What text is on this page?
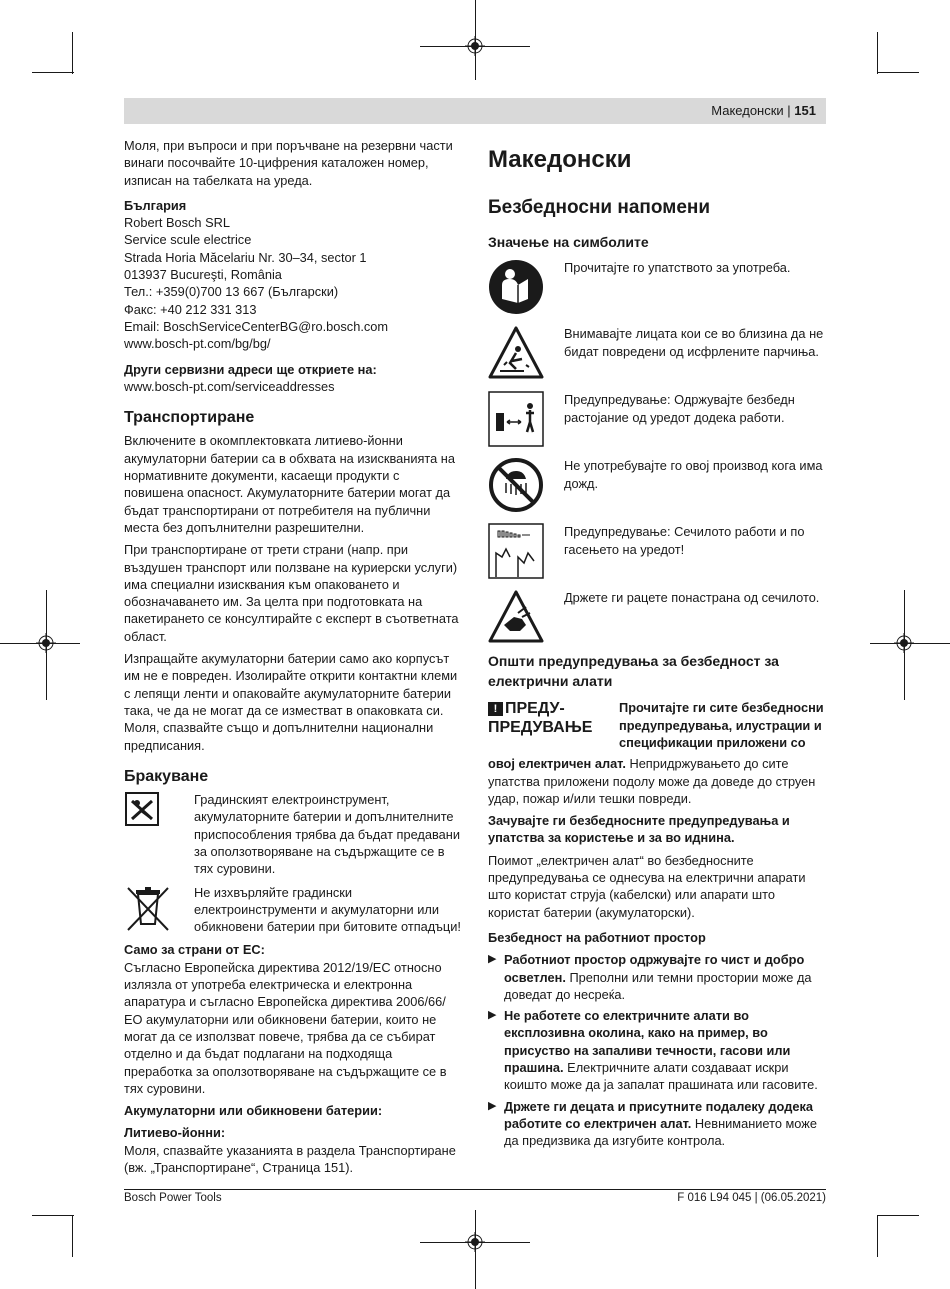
Македонски | 151

Моля, при въпроси и при поръчване на резервни части винаги посочвайте 10-цифрения каталожен номер, изписан на табелката на уреда.

България

Robert Bosch SRL
Service scule electrice
Strada Horia Măcelariu Nr. 30–34, sector 1
013937 Bucureşti, România
Тел.: +359(0)700 13 667 (Български)
Факс: +40 212 331 313
Email: BoschServiceCenterBG@ro.bosch.com
www.bosch-pt.com/bg/bg/

Други сервизни адреси ще откриете на:

www.bosch-pt.com/serviceaddresses

Транспортиране

Включените в окомплектовката литиево-йонни акумулаторни батерии са в обхвата на изискванията на нормативните документи, касаещи продукти с повишена опасност. Акумулаторните батерии могат да бъдат транспортирани от потребителя на публични места без допълнителни разрешителни.

При транспортиране от трети страни (напр. при въздушен транспорт или ползване на куриерски услуги) има специални изисквания към опаковането и обозначаването им. За целта при подготовката на пакетирането се консултирайте с експерт в съответната област.

Изпращайте акумулаторни батерии само ако корпусът им не е повреден. Изолирайте открити контактни клеми с лепящи ленти и опаковайте акумулаторните батерии така, че да не могат да се изместват в опаковката си. Моля, спазвайте също и допълнителни национални предписания.

Бракуване

Градинският електроинструмент, акумулаторните батерии и допълнителните приспособления трябва да бъдат предавани за оползотворяване на съдържащите се в тях суровини.

Не изхвърляйте градински електроинструменти и акумулаторни или обикновени батерии при битовите отпадъци!

Само за страни от ЕС:

Съгласно Европейска директива 2012/19/ЕС относно излязла от употреба електрическа и електронна апаратура и съгласно Европейска директива 2006/66/ЕО акумулаторни или обикновени батерии, които не могат да се използват повече, трябва да се събират отделно и да бъдат подлагани на подходяща преработка за оползотворяване на съдържащите се в тях суровини.

Акумулаторни или обикновени батерии:

Литиево-йонни:

Моля, спазвайте указанията в раздела Транспортиране (вж. „Транспортиране“, Страница 151).

Македонски
Безбедносни напомени
Значење на симболите

Прочитајте го упатството за употреба.

Внимавајте лицата кои се во близина да не бидат повредени од исфрлените парчиња.

Предупредување: Одржувајте безбедн растојание од уредот додека работи.

Не употребувајте го овој производ кога има дожд.

Предупредување: Сечилото работи и по гасењето на уредот!

Држете ги рацете понастрана од сечилото.

Општи предупредувања за безбедност за електрични алати
! ПРЕДУ-
ПРЕДУВАЊЕ

Прочитајте ги сите безбедносни предупредувања, илустрации и спецификации приложени со

овој електричен алат. Непридржувањето до сите упатства приложени подолу може да доведе до струен удар, пожар и/или тешки повреди.

Зачувајте ги безбедносните предупредувања и упатства за користење и за во иднина.

Поимот „електричен алат“ во безбедносните предупредувања се однесува на електрични апарати што користат струја (кабелски) или апарати што користат батерии (акумулаторски).

Безбедност на работниот простор

▶ Работниот простор одржувајте го чист и добро осветлен. Преполни или темни простории може да доведат до несреќа.
▶ Не работете со електричните алати во експлозивна околина, како на пример, во присуство на запаливи течности, гасови или прашина. Електричните алати создаваат искри коишто може да ја запалат прашината или гасовите.
▶ Држете ги децата и присутните подалеку додека работите со електричен алат. Невниманието може да предизвика да изгубите контрола.
Bosch Power Tools	F 016 L94 045 | (06.05.2021)
